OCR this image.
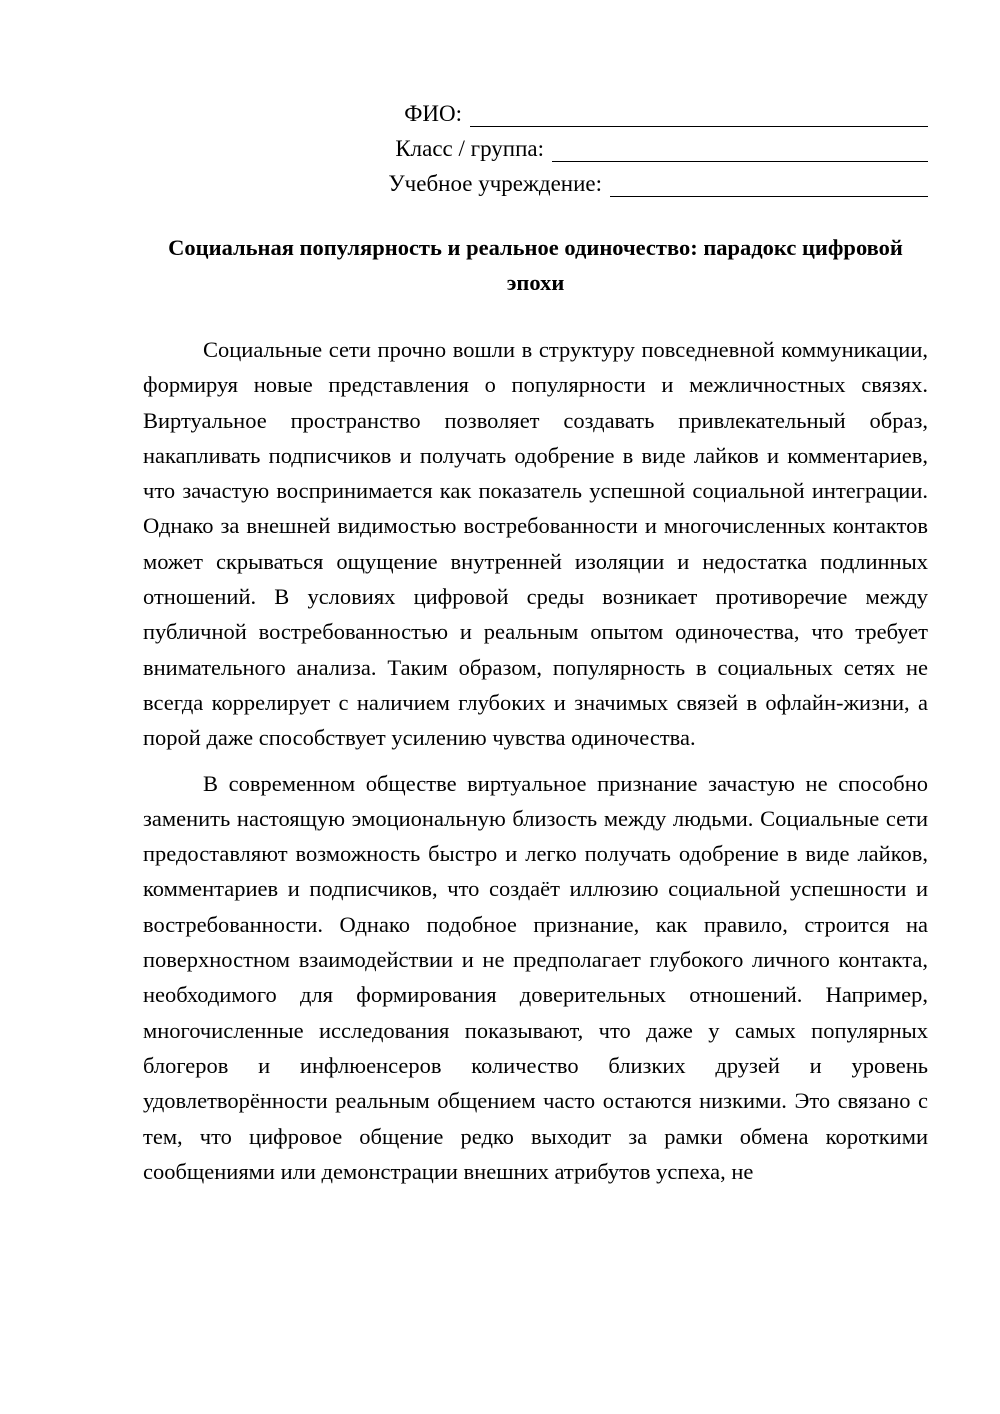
ФИО:
Класс / группа:
Учебное учреждение:
Социальная популярность и реальное одиночество: парадокс цифровой эпохи

Социальные сети прочно вошли в структуру повседневной коммуникации, формируя новые представления о популярности и межличностных связях. Виртуальное пространство позволяет создавать привлекательный образ, накапливать подписчиков и получать одобрение в виде лайков и комментариев, что зачастую воспринимается как показатель успешной социальной интеграции. Однако за внешней видимостью востребованности и многочисленных контактов может скрываться ощущение внутренней изоляции и недостатка подлинных отношений. В условиях цифровой среды возникает противоречие между публичной востребованностью и реальным опытом одиночества, что требует внимательного анализа. Таким образом, популярность в социальных сетях не всегда коррелирует с наличием глубоких и значимых связей в офлайн-жизни, а порой даже способствует усилению чувства одиночества.

В современном обществе виртуальное признание зачастую не способно заменить настоящую эмоциональную близость между людьми. Социальные сети предоставляют возможность быстро и легко получать одобрение в виде лайков, комментариев и подписчиков, что создаёт иллюзию социальной успешности и востребованности. Однако подобное признание, как правило, строится на поверхностном взаимодействии и не предполагает глубокого личного контакта, необходимого для формирования доверительных отношений. Например, многочисленные исследования показывают, что даже у самых популярных блогеров и инфлюенсеров количество близких друзей и уровень удовлетворённости реальным общением часто остаются низкими. Это связано с тем, что цифровое общение редко выходит за рамки обмена короткими сообщениями или демонстрации внешних атрибутов успеха, не
